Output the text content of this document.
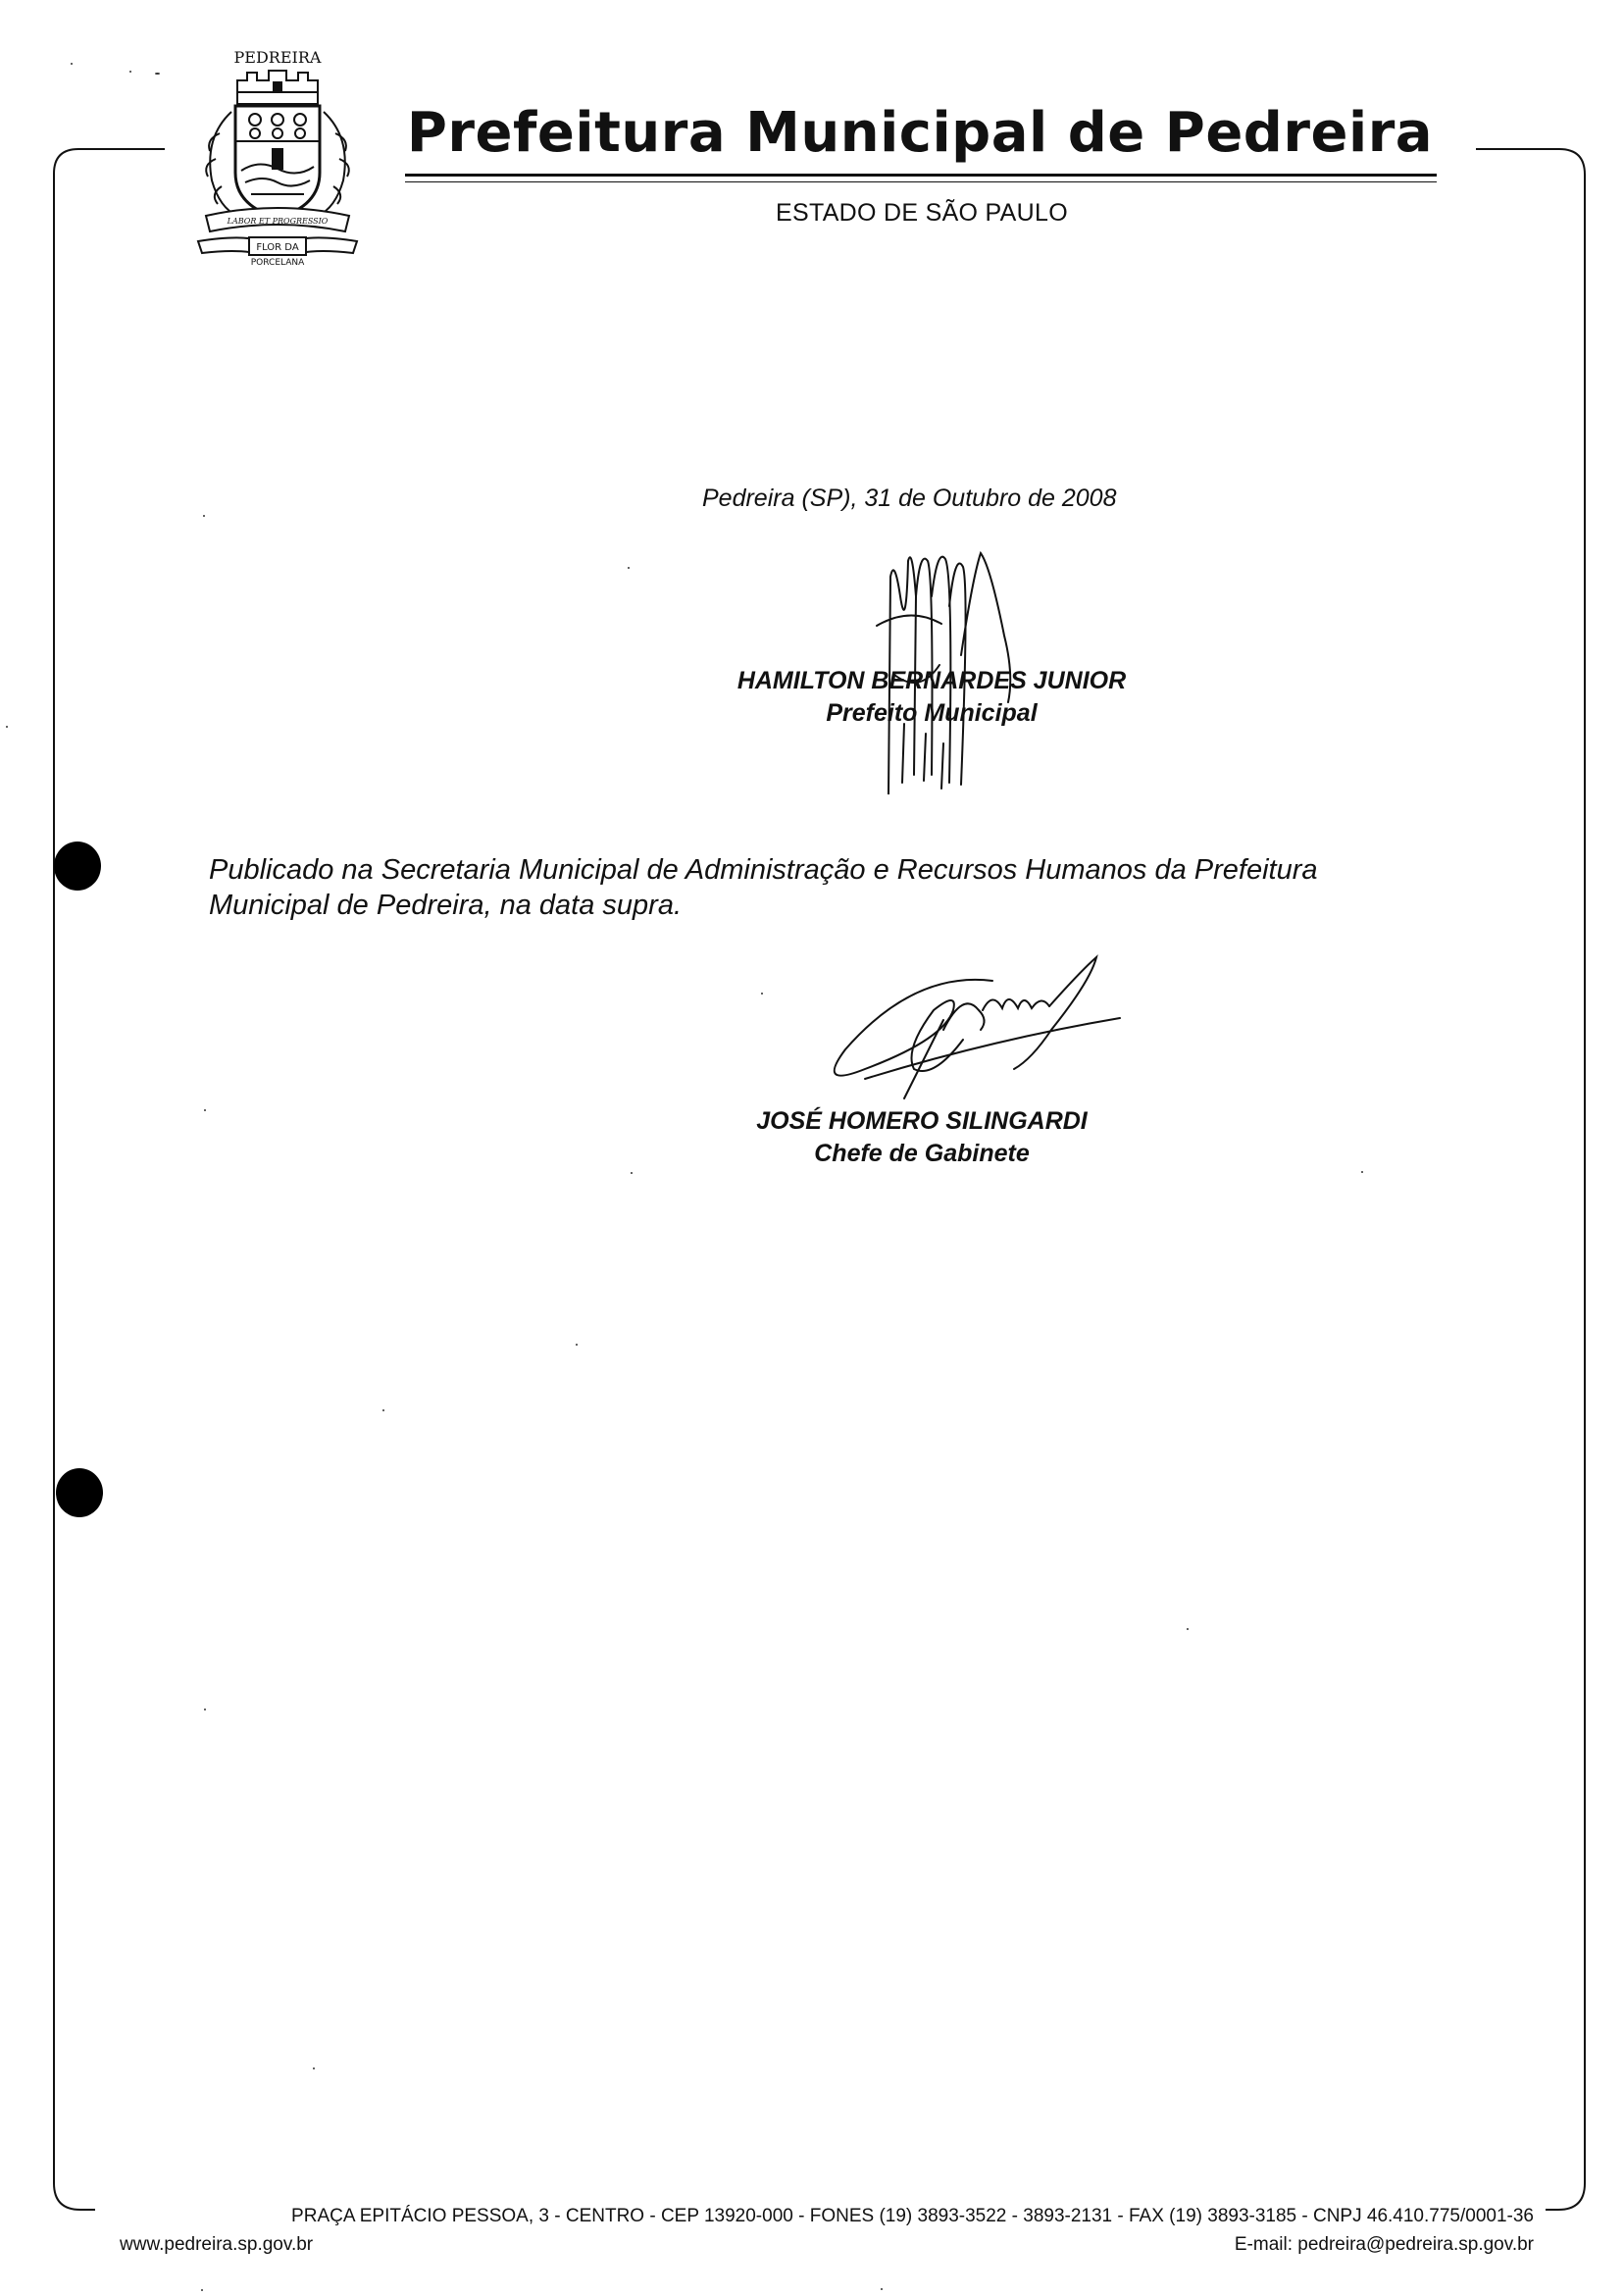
PEDREIRA
LABOR ET PROGRESSIO
FLOR DA
PORCELANA
Prefeitura Municipal de Pedreira
ESTADO DE SÃO PAULO
Pedreira (SP), 31 de Outubro de 2008
HAMILTON BERNARDES JUNIOR
Prefeito Municipal
Publicado na Secretaria Municipal de Administração e Recursos Humanos da Prefeitura Municipal de Pedreira, na data supra.
JOSÉ HOMERO SILINGARDI
Chefe de Gabinete
PRAÇA EPITÁCIO PESSOA, 3 - CENTRO - CEP 13920-000 - FONES (19) 3893-3522 - 3893-2131 - FAX (19) 3893-3185 - CNPJ 46.410.775/0001-36
www.pedreira.sp.gov.br	E-mail: pedreira@pedreira.sp.gov.br
